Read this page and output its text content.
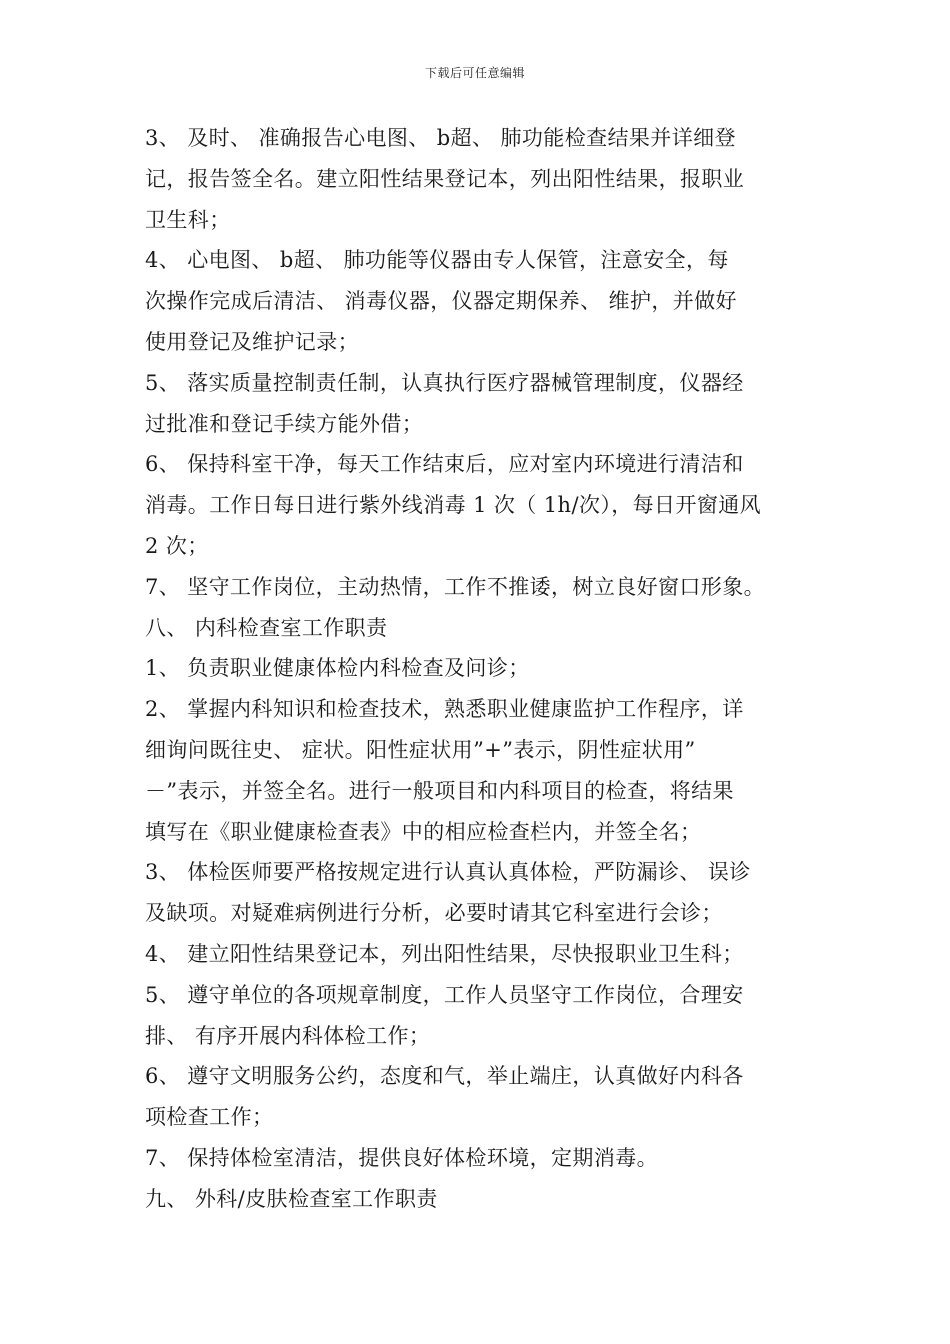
下载后可任意编辑
3、 及时、 准确报告心电图、 b超、 肺功能检查结果并详细登
记，报告签全名。建立阳性结果登记本，列出阳性结果，报职业
卫生科；
4、 心电图、 b超、 肺功能等仪器由专人保管，注意安全，每
次操作完成后清洁、 消毒仪器，仪器定期保养、 维护，并做好
使用登记及维护记录；
5、 落实质量控制责任制，认真执行医疗器械管理制度，仪器经
过批准和登记手续方能外借；
6、 保持科室干净，每天工作结束后，应对室内环境进行清洁和
消毒。工作日每日进行紫外线消毒 1 次（ 1h/次），每日开窗通风
2 次；
7、 坚守工作岗位，主动热情，工作不推诿，树立良好窗口形象。
八、 内科检查室工作职责
1、 负责职业健康体检内科检查及问诊；
2、 掌握内科知识和检查技术，熟悉职业健康监护工作程序，详
细询问既往史、 症状。阳性症状用”+”表示，阴性症状用”
－”表示，并签全名。进行一般项目和内科项目的检查，将结果
填写在《职业健康检查表》中的相应检查栏内，并签全名；
3、 体检医师要严格按规定进行认真认真体检，严防漏诊、 误诊
及缺项。对疑难病例进行分析，必要时请其它科室进行会诊；
4、 建立阳性结果登记本，列出阳性结果，尽快报职业卫生科；
5、 遵守单位的各项规章制度，工作人员坚守工作岗位，合理安
排、 有序开展内科体检工作；
6、 遵守文明服务公约，态度和气，举止端庄，认真做好内科各
项检查工作；
7、 保持体检室清洁，提供良好体检环境，定期消毒。
九、 外科/皮肤检查室工作职责
